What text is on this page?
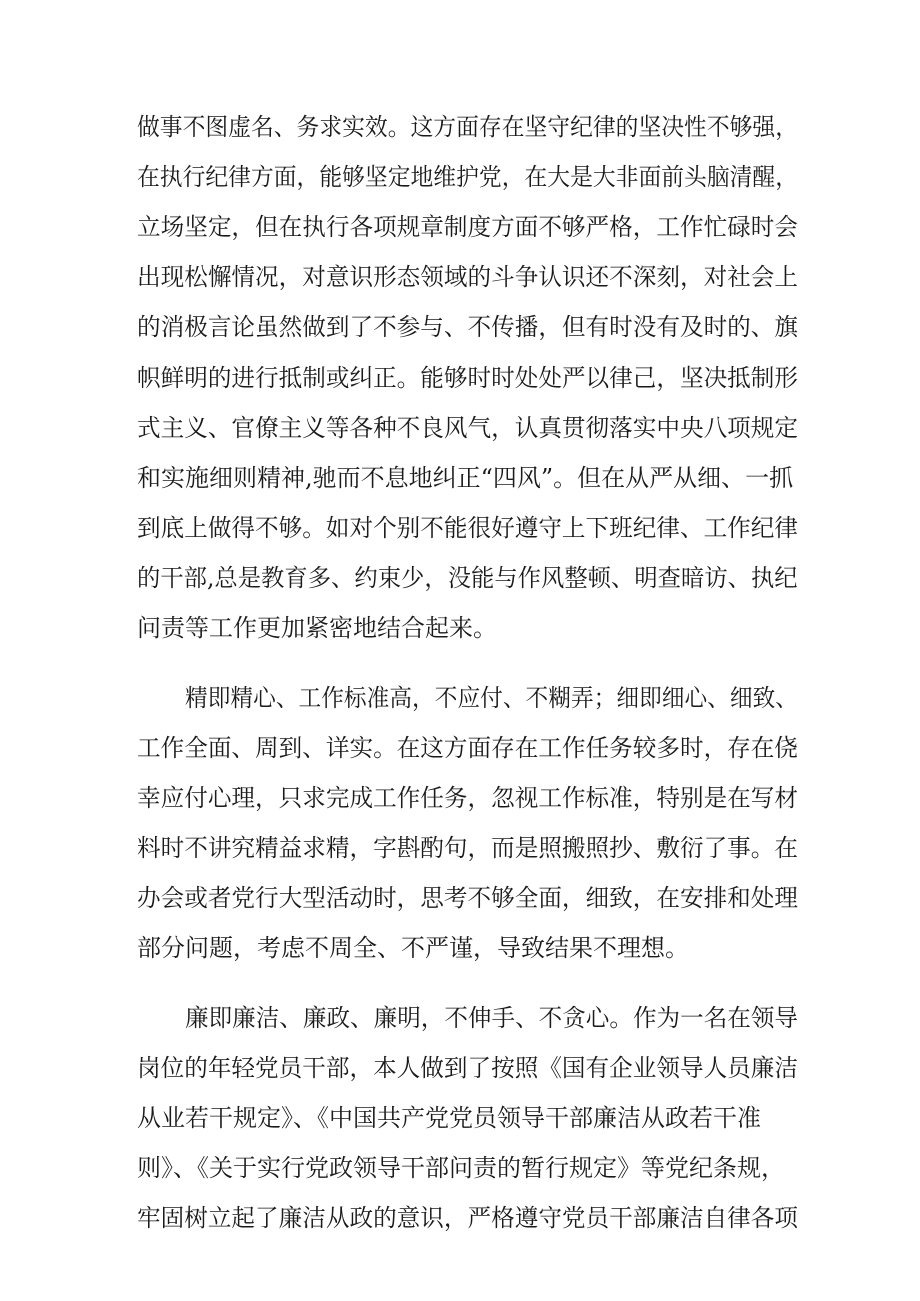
做事不图虚名、务求实效。这方面存在坚守纪律的坚决性不够强，
在执行纪律方面，能够坚定地维护党，在大是大非面前头脑清醒，
立场坚定，但在执行各项规章制度方面不够严格，工作忙碌时会
出现松懈情况，对意识形态领域的斗争认识还不深刻，对社会上
的消极言论虽然做到了不参与、不传播，但有时没有及时的、旗
帜鲜明的进行抵制或纠正。能够时时处处严以律己，坚决抵制形
式主义、官僚主义等各种不良风气，认真贯彻落实中央八项规定
和实施细则精神,驰而不息地纠正“四风”。但在从严从细、一抓
到底上做得不够。如对个别不能很好遵守上下班纪律、工作纪律
的干部,总是教育多、约束少，没能与作风整顿、明查暗访、执纪
问责等工作更加紧密地结合起来。
精即精心、工作标准高，不应付、不糊弄；细即细心、细致、
工作全面、周到、详实。在这方面存在工作任务较多时，存在侥
幸应付心理，只求完成工作任务，忽视工作标准，特别是在写材
料时不讲究精益求精，字斟酌句，而是照搬照抄、敷衍了事。在
办会或者党行大型活动时，思考不够全面，细致，在安排和处理
部分问题，考虑不周全、不严谨，导致结果不理想。
廉即廉洁、廉政、廉明，不伸手、不贪心。作为一名在领导
岗位的年轻党员干部，本人做到了按照《国有企业领导人员廉洁
从业若干规定》、《中国共产党党员领导干部廉洁从政若干准
则》、《关于实行党政领导干部问责的暂行规定》等党纪条规，
牢固树立起了廉洁从政的意识，严格遵守党员干部廉洁自律各项
